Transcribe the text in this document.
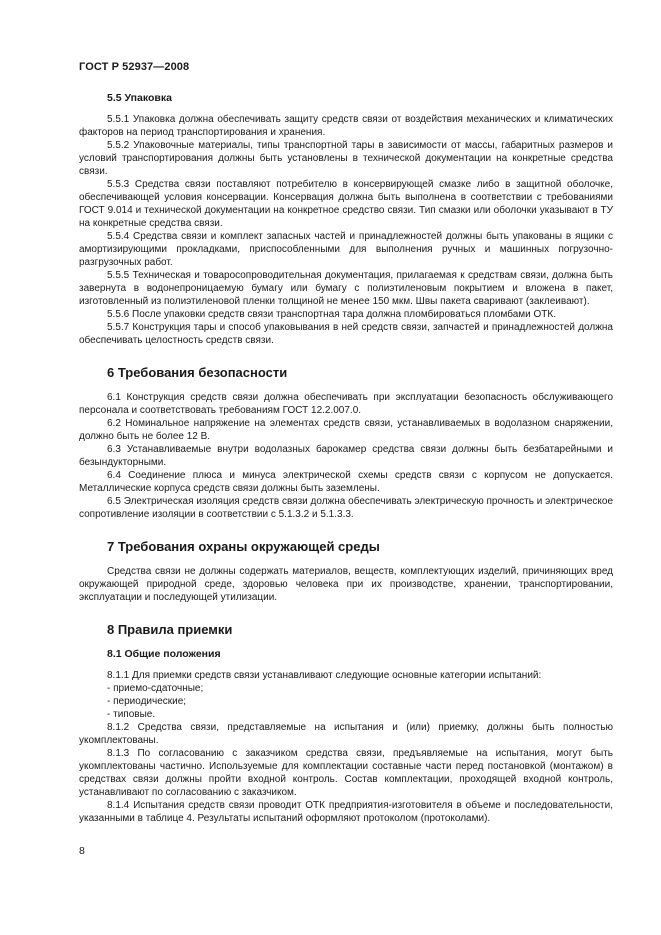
ГОСТ Р 52937—2008
5.5 Упаковка

5.5.1 Упаковка должна обеспечивать защиту средств связи от воздействия механических и климатических факторов на период транспортирования и хранения.

5.5.2 Упаковочные материалы, типы транспортной тары в зависимости от массы, габаритных размеров и условий транспортирования должны быть установлены в технической документации на конкретные средства связи.

5.5.3 Средства связи поставляют потребителю в консервирующей смазке либо в защитной оболочке, обеспечивающей условия консервации. Консервация должна быть выполнена в соответствии с требованиями ГОСТ 9.014 и технической документации на конкретное средство связи. Тип смазки или оболочки указывают в ТУ на конкретные средства связи.

5.5.4 Средства связи и комплект запасных частей и принадлежностей должны быть упакованы в ящики с амортизирующими прокладками, приспособленными для выполнения ручных и машинных погрузочно-разгрузочных работ.

5.5.5 Техническая и товаросопроводительная документация, прилагаемая к средствам связи, должна быть завернута в водонепроницаемую бумагу или бумагу с полиэтиленовым покрытием и вложена в пакет, изготовленный из полиэтиленовой пленки толщиной не менее 150 мкм. Швы пакета сваривают (заклеивают).

5.5.6 После упаковки средств связи транспортная тара должна пломбироваться пломбами ОТК.

5.5.7 Конструкция тары и способ упаковывания в ней средств связи, запчастей и принадлежностей должна обеспечивать целостность средств связи.

6 Требования безопасности

6.1 Конструкция средств связи должна обеспечивать при эксплуатации безопасность обслуживающего персонала и соответствовать требованиям ГОСТ 12.2.007.0.

6.2 Номинальное напряжение на элементах средств связи, устанавливаемых в водолазном снаряжении, должно быть не более 12 В.

6.3 Устанавливаемые внутри водолазных барокамер средства связи должны быть безбатарейными и безындукторными.

6.4 Соединение плюса и минуса электрической схемы средств связи с корпусом не допускается. Металлические корпуса средств связи должны быть заземлены.

6.5 Электрическая изоляция средств связи должна обеспечивать электрическую прочность и электрическое сопротивление изоляции в соответствии с 5.1.3.2 и 5.1.3.3.

7 Требования охраны окружающей среды

Средства связи не должны содержать материалов, веществ, комплектующих изделий, причиняющих вред окружающей природной среде, здоровью человека при их производстве, хранении, транспортировании, эксплуатации и последующей утилизации.

8 Правила приемки
8.1 Общие положения

8.1.1 Для приемки средств связи устанавливают следующие основные категории испытаний:

- приемо-сдаточные;
- периодические;
- типовые.

8.1.2 Средства связи, представляемые на испытания и (или) приемку, должны быть полностью укомплектованы.

8.1.3 По согласованию с заказчиком средства связи, предъявляемые на испытания, могут быть укомплектованы частично. Используемые для комплектации составные части перед постановкой (монтажом) в средствах связи должны пройти входной контроль. Состав комплектации, проходящей входной контроль, устанавливают по согласованию с заказчиком.

8.1.4 Испытания средств связи проводит ОТК предприятия-изготовителя в объеме и последовательности, указанными в таблице 4. Результаты испытаний оформляют протоколом (протоколами).

8
